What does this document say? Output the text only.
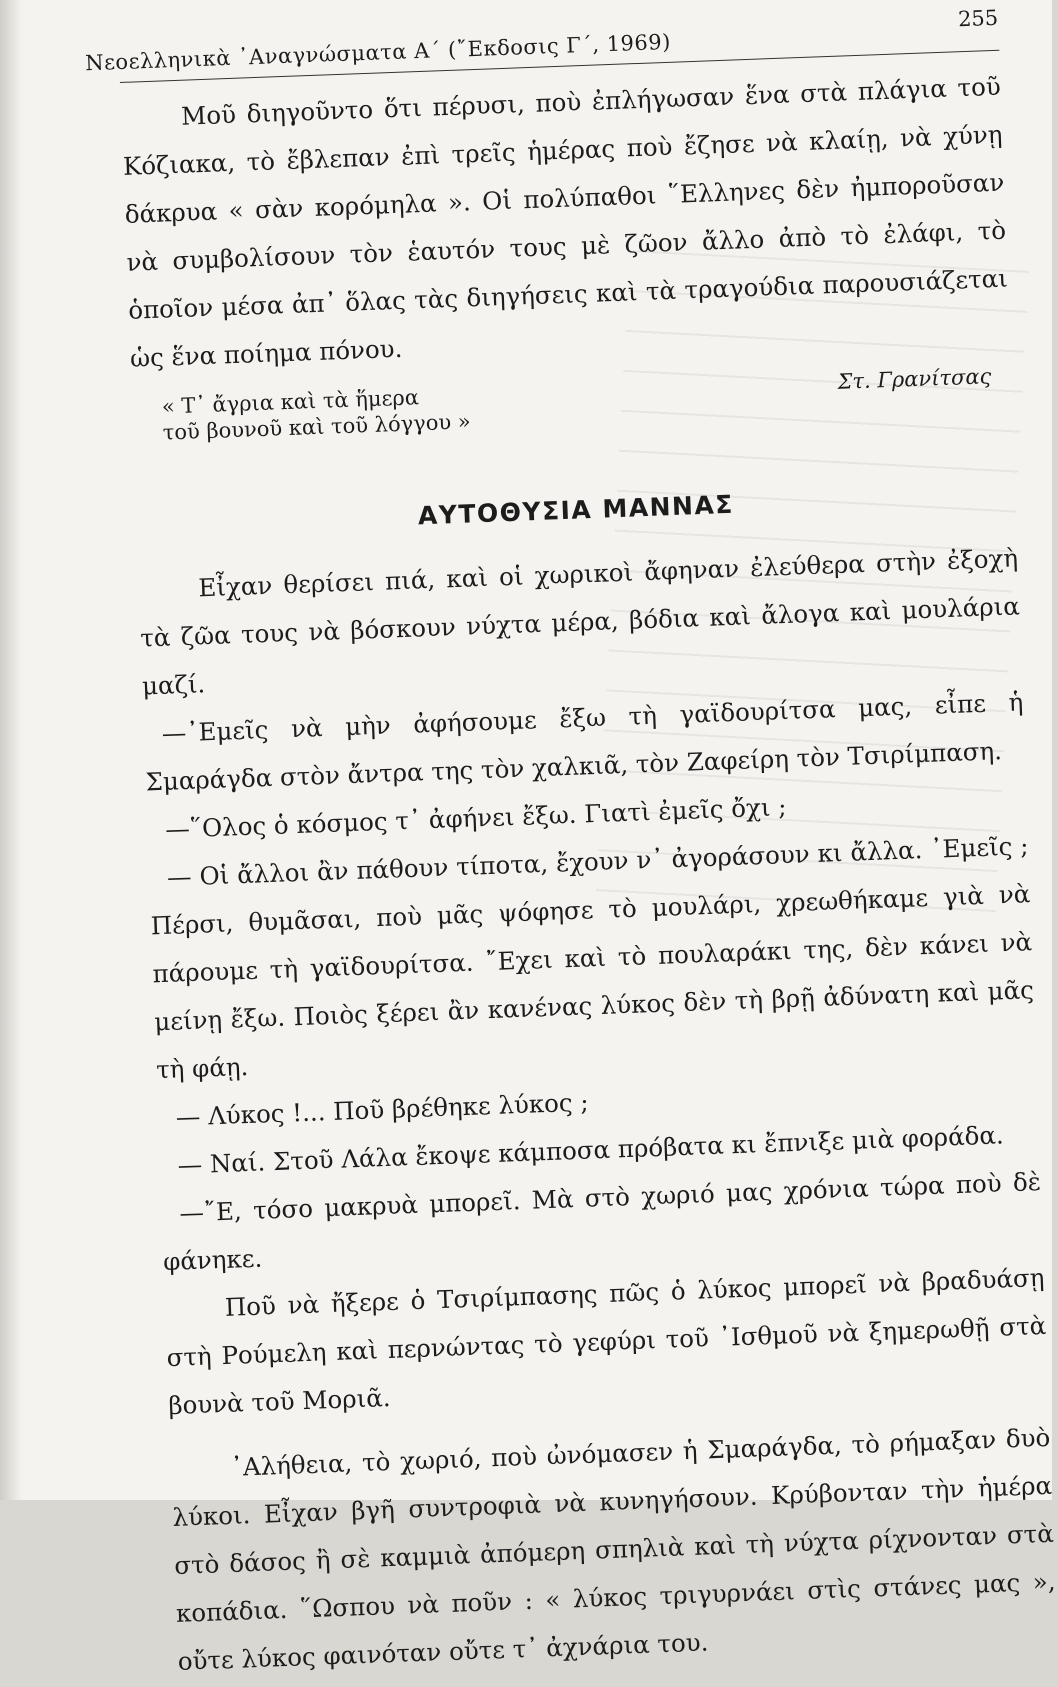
Νεοελληνικὰ ᾿Αναγνώσματα Α΄ (῎Εκδοσις Γ΄, 1969)
255

Μοῦ διηγοῦντο ὅτι πέρυσι, ποὺ ἐπλήγωσαν ἕνα στὰ πλάγια τοῦ Κόζιακα, τὸ ἔβλεπαν ἐπὶ τρεῖς ἡμέρας ποὺ ἔζησε νὰ κλαίῃ, νὰ χύνῃ δάκρυα « σὰν κορόμηλα ». Οἱ πολύπαθοι ῞Ελληνες δὲν ἠμποροῦσαν νὰ συμβολίσουν τὸν ἑαυτόν τους μὲ ζῶον ἄλλο ἀπὸ τὸ ἐλάφι, τὸ ὁποῖον μέσα ἀπ᾿ ὅλας τὰς διηγήσεις καὶ τὰ τραγούδια παρουσιάζεται ὡς ἕνα ποίημα πόνου.

« Τ᾿ ἄγρια καὶ τὰ ἥμερα
τοῦ βουνοῦ καὶ τοῦ λόγγου »
Στ. Γρανίτσας
ΑΥΤΟΘΥΣΙΑ ΜΑΝΝΑΣ

Εἶχαν θερίσει πιά, καὶ οἱ χωρικοὶ ἄφηναν ἐλεύθερα στὴν ἐξοχὴ τὰ ζῶα τους νὰ βόσκουν νύχτα μέρα, βόδια καὶ ἄλογα καὶ μουλάρια μαζί.

—᾿Εμεῖς νὰ μὴν ἀφήσουμε ἔξω τὴ γαϊδουρίτσα μας, εἶπε ἡ Σμαράγδα στὸν ἄντρα της τὸν χαλκιᾶ, τὸν Ζαφείρη τὸν Τσιρίμπαση.

—῞Ολος ὁ κόσμος τ᾿ ἀφήνει ἔξω. Γιατὶ ἐμεῖς ὄχι ;

— Οἱ ἄλλοι ἂν πάθουν τίποτα, ἔχουν ν᾿ ἀγοράσουν κι ἄλλα. ᾿Εμεῖς ; Πέρσι, θυμᾶσαι, ποὺ μᾶς ψόφησε τὸ μουλάρι, χρεωθήκαμε γιὰ νὰ πάρουμε τὴ γαϊδουρίτσα. ῎Εχει καὶ τὸ πουλαράκι της, δὲν κάνει νὰ μείνῃ ἔξω. Ποιὸς ξέρει ἂν κανένας λύκος δὲν τὴ βρῇ ἀδύνατη καὶ μᾶς τὴ φάῃ.

— Λύκος !... Ποῦ βρέθηκε λύκος ;

— Ναί. Στοῦ Λάλα ἔκοψε κάμποσα πρόβατα κι ἔπνιξε μιὰ φοράδα.

—῎Ε, τόσο μακρυὰ μπορεῖ. Μὰ στὸ χωριό μας χρόνια τώρα ποὺ δὲ φάνηκε.

Ποῦ νὰ ἤξερε ὁ Τσιρίμπασης πῶς ὁ λύκος μπορεῖ νὰ βραδυάσῃ στὴ Ρούμελη καὶ περνώντας τὸ γεφύρι τοῦ ᾿Ισθμοῦ νὰ ξημερωθῇ στὰ βουνὰ τοῦ Μοριᾶ.

᾿Αλήθεια, τὸ χωριό, ποὺ ὠνόμασεν ἡ Σμαράγδα, τὸ ρήμαξαν δυὸ λύκοι. Εἶχαν βγῆ συντροφιὰ νὰ κυνηγήσουν. Κρύβονταν τὴν ἡμέρα στὸ δάσος ἢ σὲ καμμιὰ ἀπόμερη σπηλιὰ καὶ τὴ νύχτα ρίχνονταν στὰ κοπάδια. ῞Ωσπου νὰ ποῦν : « λύκος τριγυρνάει στὶς στάνες μας », οὔτε λύκος φαινόταν οὔτε τ᾿ ἀχνάρια του.
